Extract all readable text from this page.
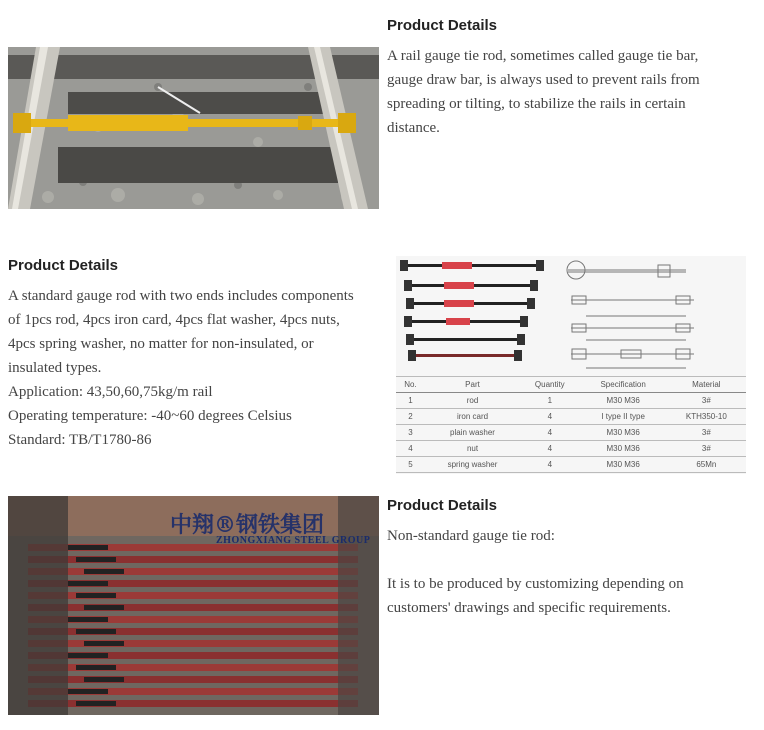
Product Details

A rail gauge tie rod, sometimes called gauge tie bar,

gauge draw bar, is always used to prevent rails from

spreading or tilting, to stabilize the rails in certain

distance.

Product Details

A standard gauge rod with two ends includes components

of 1pcs rod, 4pcs iron card, 4pcs flat washer, 4pcs nuts,

4pcs spring washer, no matter for non-insulated, or

insulated types.

Application: 43,50,60,75kg/m rail

Operating temperature: -40~60 degrees Celsius

Standard: TB/T1780-86

No.	Part	Quantity	Specification	Material
1	rod	1	M30 M36	3#
2	iron card	4	I type II type	KTH350-10
3	plain washer	4	M30 M36	3#
4	nut	4	M30 M36	3#
5	spring washer	4	M30 M36	65Mn
中翔®钢铁集团
ZHONGXIANG STEEL GROUP
Product Details

Non-standard gauge tie rod:

It is to be produced by customizing depending on

customers' drawings and specific requirements.
